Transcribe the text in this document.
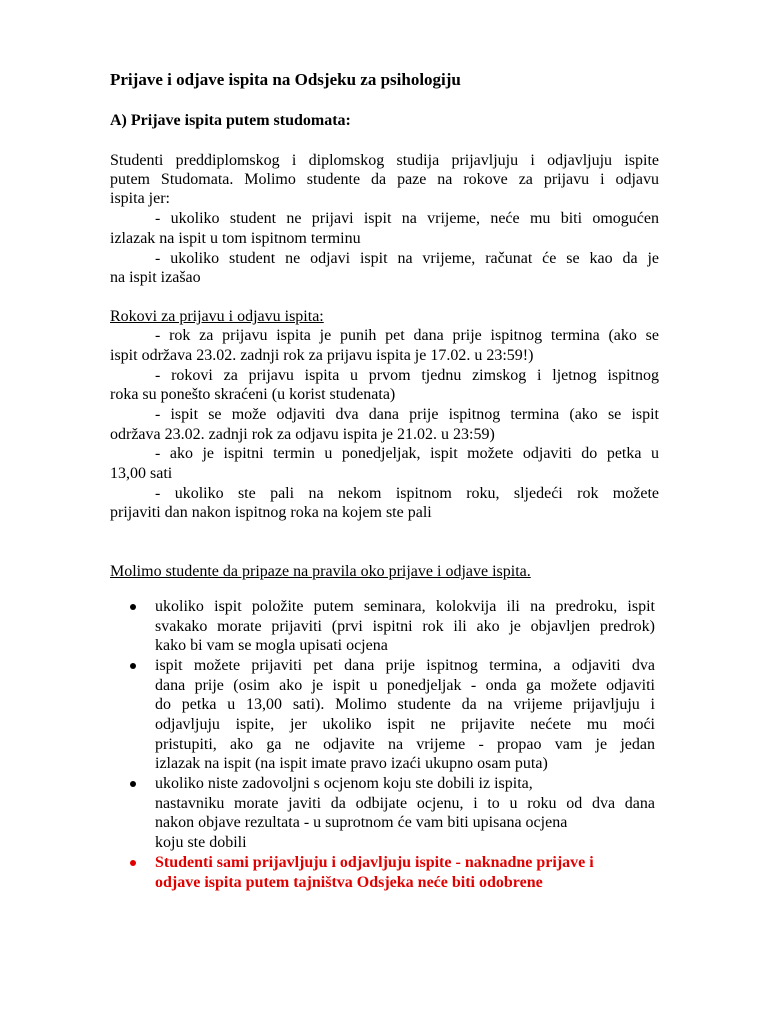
Prijave i odjave ispita na Odsjeku za psihologiju
A) Prijave ispita putem studomata:
Studenti preddiplomskog i diplomskog studija prijavljuju i odjavljuju ispite
putem Studomata. Molimo studente da paze na rokove za prijavu i odjavu
ispita jer:
- ukoliko student ne prijavi ispit na vrijeme, neće mu biti omogućen
izlazak na ispit u tom ispitnom terminu
- ukoliko student ne odjavi ispit na vrijeme, računat će se kao da je
na ispit izašao
Rokovi za prijavu i odjavu ispita:
- rok za prijavu ispita je punih pet dana prije ispitnog termina (ako se
ispit održava 23.02. zadnji rok za prijavu ispita je 17.02. u 23:59!)
- rokovi za prijavu ispita u prvom tjednu zimskog i ljetnog ispitnog
roka su ponešto skraćeni (u korist studenata)
- ispit se može odjaviti dva dana prije ispitnog termina (ako se ispit
održava 23.02. zadnji rok za odjavu ispita je 21.02. u 23:59)
- ako je ispitni termin u ponedjeljak, ispit možete odjaviti do petka u
13,00 sati
- ukoliko ste pali na nekom ispitnom roku, sljedeći rok možete
prijaviti dan nakon ispitnog roka na kojem ste pali
Molimo studente da pripaze na pravila oko prijave i odjave ispita.
ukoliko ispit položite putem seminara, kolokvija ili na predroku, ispit
svakako morate prijaviti (prvi ispitni rok ili ako je objavljen predrok)
kako bi vam se mogla upisati ocjena
ispit možete prijaviti pet dana prije ispitnog termina, a odjaviti dva
dana prije (osim ako je ispit u ponedjeljak - onda ga možete odjaviti
do petka u 13,00 sati). Molimo studente da na vrijeme prijavljuju i
odjavljuju ispite, jer ukoliko ispit ne prijavite nećete mu moći
pristupiti, ako ga ne odjavite na vrijeme - propao vam je jedan
izlazak na ispit (na ispit imate pravo izaći ukupno osam puta)
ukoliko niste zadovoljni s ocjenom koju ste dobili iz ispita,
nastavniku morate javiti da odbijate ocjenu, i to u roku od dva dana
nakon objave rezultata - u suprotnom će vam biti upisana ocjena
koju ste dobili
Studenti sami prijavljuju i odjavljuju ispite - naknadne prijave i
odjave ispita putem tajništva Odsjeka neće biti odobrene
